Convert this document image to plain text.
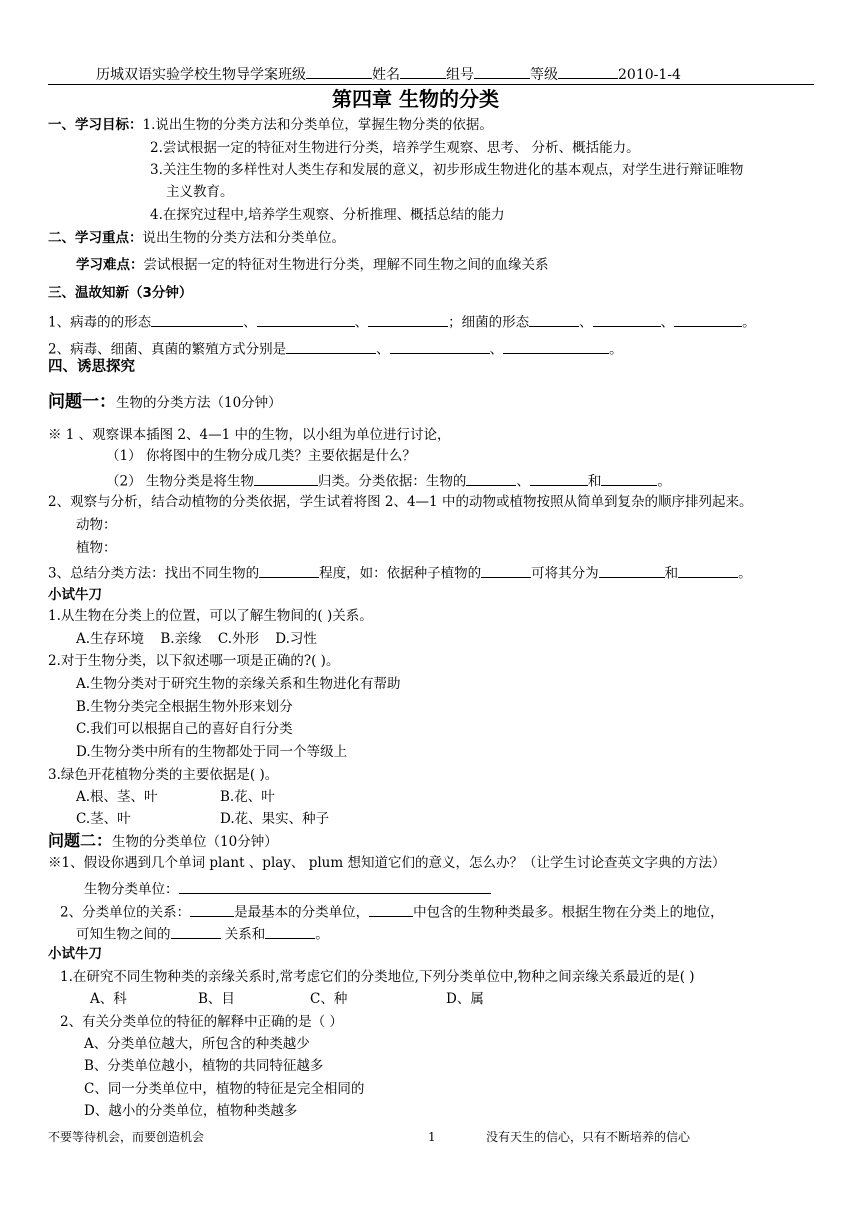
历城双语实验学校生物导学案班级	姓名	组号	等级	2010-1-4
第四章 生物的分类
一、学习目标：1.说出生物的分类方法和分类单位，掌握生物分类的依据。
2.尝试根据一定的特征对生物进行分类，培养学生观察、思考、 分析、概括能力。
3.关注生物的多样性对人类生存和发展的意义，初步形成生物进化的基本观点，对学生进行辩证唯物
主义教育。
4.在探究过程中,培养学生观察、分析推理、概括总结的能力
二、学习重点：说出生物的分类方法和分类单位。
学习难点：尝试根据一定的特征对生物进行分类，理解不同生物之间的血缘关系
三、温故知新（3分钟）
1、病毒的的形态	、	、	；细菌的形态	、	、	。
2、病毒、细菌、真菌的繁殖方式分别是	、	、	。
四、诱思探究
问题一：生物的分类方法（10分钟）
※ 1 、观察课本插图 2、4—1 中的生物，以小组为单位进行讨论，
（1） 你将图中的生物分成几类？主要依据是什么？
（2） 生物分类是将生物	归类。分类依据：生物的	、	和	。
2、观察与分析，结合动植物的分类依据，学生试着将图 2、4—1 中的动物或植物按照从简单到复杂的顺序排列起来。
动物：
植物：
3、总结分类方法：找出不同生物的	程度，如：依据种子植物的	可将其分为	和	。
小试牛刀
1.从生物在分类上的位置，可以了解生物间的( )关系。
A.生存环境 B.亲缘 C.外形 D.习性
2.对于生物分类，以下叙述哪一项是正确的?( )。
A.生物分类对于研究生物的亲缘关系和生物进化有帮助
B.生物分类完全根据生物外形来划分
C.我们可以根据自己的喜好自行分类
D.生物分类中所有的生物都处于同一个等级上
3.绿色开花植物分类的主要依据是( )。
A.根、茎、叶	B.花、叶
C.茎、叶	D.花、果实、种子
问题二：生物的分类单位（10分钟）
※1、假设你遇到几个单词 plant 、play、 plum 想知道它们的意义，怎么办？（让学生讨论查英文字典的方法）
生物分类单位：
2、分类单位的关系：	是最基本的分类单位，	中包含的生物种类最多。根据生物在分类上的地位，
可知生物之间的	关系和	。
小试牛刀
1.在研究不同生物种类的亲缘关系时,常考虑它们的分类地位,下列分类单位中,物种之间亲缘关系最近的是( )
A、科	B、目	C、种	D、属
2、有关分类单位的特征的解释中正确的是（ ）
A、分类单位越大，所包含的种类越少
B、分类单位越小，植物的共同特征越多
C、同一分类单位中，植物的特征是完全相同的
D、越小的分类单位，植物种类越多
不要等待机会，而要创造机会	1	没有天生的信心，只有不断培养的信心
